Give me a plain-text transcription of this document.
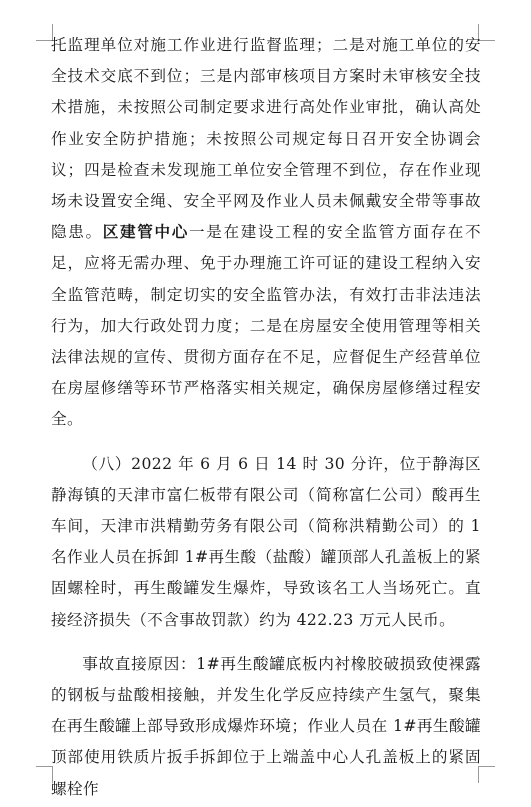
托监理单位对施工作业进行监督监理；二是对施工单位的安全技术交底不到位；三是内部审核项目方案时未审核安全技术措施，未按照公司制定要求进行高处作业审批，确认高处作业安全防护措施；未按照公司规定每日召开安全协调会议；四是检查未发现施工单位安全管理不到位，存在作业现场未设置安全绳、安全平网及作业人员未佩戴安全带等事故隐患。区建管中心一是在建设工程的安全监管方面存在不足，应将无需办理、免于办理施工许可证的建设工程纳入安全监管范畴，制定切实的安全监管办法，有效打击非法违法行为，加大行政处罚力度；二是在房屋安全使用管理等相关法律法规的宣传、贯彻方面存在不足，应督促生产经营单位在房屋修缮等环节严格落实相关规定，确保房屋修缮过程安全。

（八）2022 年 6 月 6 日 14 时 30 分许，位于静海区静海镇的天津市富仁板带有限公司（简称富仁公司）酸再生车间，天津市洪精勤劳务有限公司（简称洪精勤公司）的 1 名作业人员在拆卸 1#再生酸（盐酸）罐顶部人孔盖板上的紧固螺栓时，再生酸罐发生爆炸，导致该名工人当场死亡。直接经济损失（不含事故罚款）约为 422.23 万元人民币。

事故直接原因：1#再生酸罐底板内衬橡胶破损致使裸露的钢板与盐酸相接触，并发生化学反应持续产生氢气，聚集在再生酸罐上部导致形成爆炸环境；作业人员在 1#再生酸罐顶部使用铁质片扳手拆卸位于上端盖中心人孔盖板上的紧固螺栓作
